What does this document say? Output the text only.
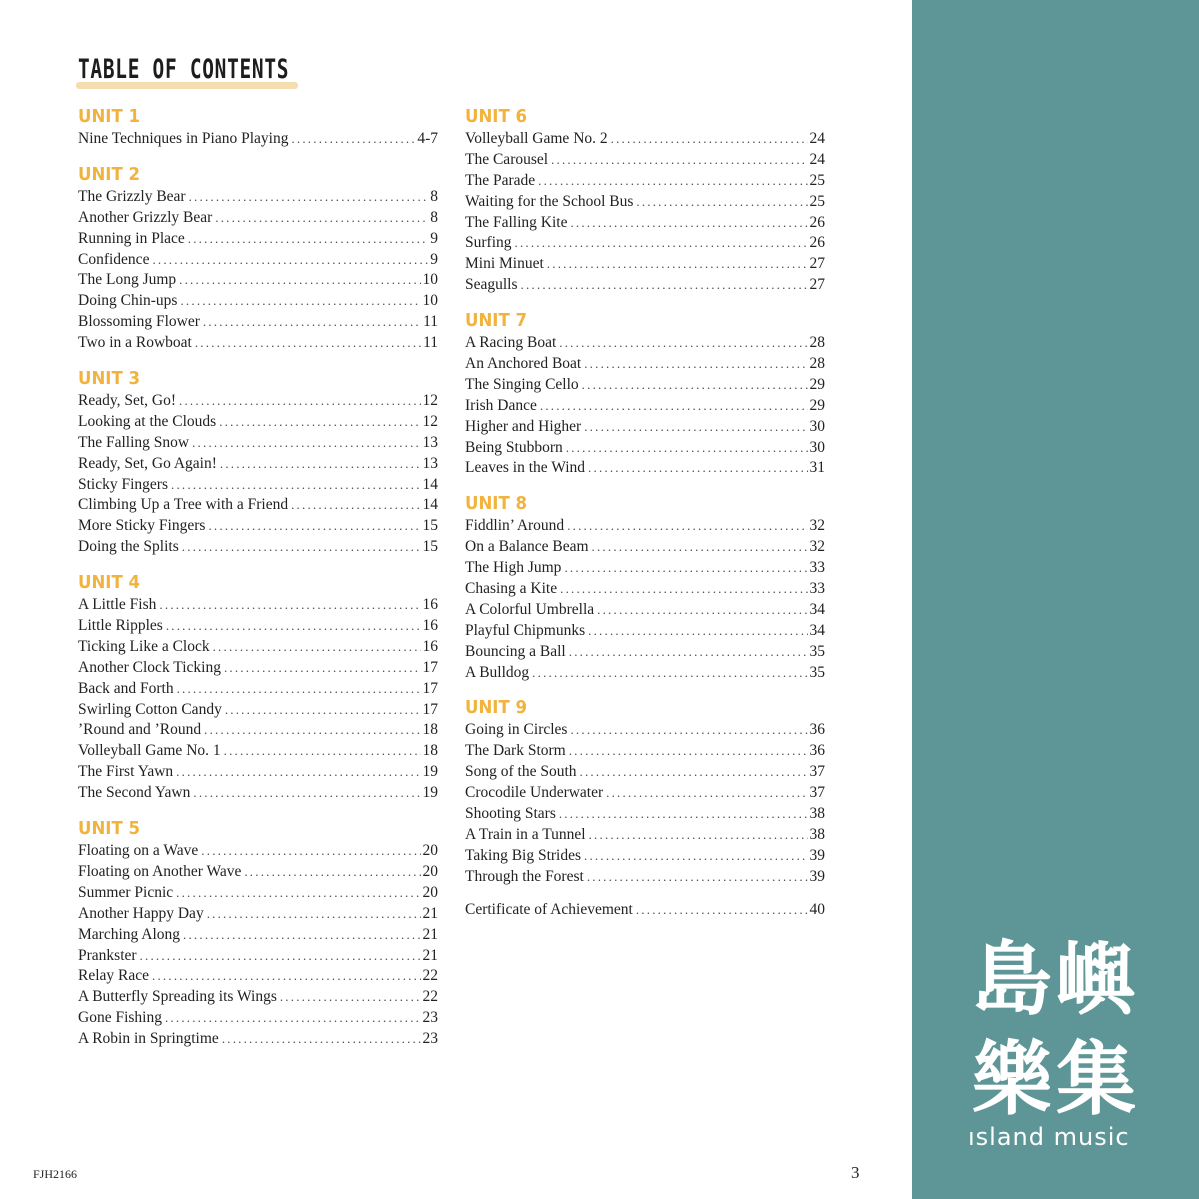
TABLE OF CONTENTS
UNIT 1
Nine Techniques in Piano Playing .....	4-7
UNIT 2
The Grizzly Bear .....	8
Another Grizzly Bear .....	8
Running in Place .....	9
Confidence .....	9
The Long Jump .....	10
Doing Chin-ups .....	10
Blossoming Flower .....	11
Two in a Rowboat .....	11
UNIT 3
Ready, Set, Go! .....	12
Looking at the Clouds .....	12
The Falling Snow .....	13
Ready, Set, Go Again! .....	13
Sticky Fingers .....	14
Climbing Up a Tree with a Friend .....	14
More Sticky Fingers .....	15
Doing the Splits .....	15
UNIT 4
A Little Fish .....	16
Little Ripples .....	16
Ticking Like a Clock .....	16
Another Clock Ticking .....	17
Back and Forth .....	17
Swirling Cotton Candy .....	17
’Round and ’Round .....	18
Volleyball Game No. 1 .....	18
The First Yawn .....	19
The Second Yawn .....	19
UNIT 5
Floating on a Wave .....	20
Floating on Another Wave .....	20
Summer Picnic .....	20
Another Happy Day .....	21
Marching Along .....	21
Prankster .....	21
Relay Race .....	22
A Butterfly Spreading its Wings .....	22
Gone Fishing .....	23
A Robin in Springtime .....	23
UNIT 6
Volleyball Game No. 2 .....	24
The Carousel .....	24
The Parade .....	25
Waiting for the School Bus .....	25
The Falling Kite .....	26
Surfing .....	26
Mini Minuet .....	27
Seagulls .....	27
UNIT 7
A Racing Boat .....	28
An Anchored Boat .....	28
The Singing Cello .....	29
Irish Dance .....	29
Higher and Higher .....	30
Being Stubborn .....	30
Leaves in the Wind .....	31
UNIT 8
Fiddlin’ Around .....	32
On a Balance Beam .....	32
The High Jump .....	33
Chasing a Kite .....	33
A Colorful Umbrella .....	34
Playful Chipmunks .....	34
Bouncing a Ball .....	35
A Bulldog .....	35
UNIT 9
Going in Circles .....	36
The Dark Storm .....	36
Song of the South .....	37
Crocodile Underwater .....	37
Shooting Stars .....	38
A Train in a Tunnel .....	38
Taking Big Strides .....	39
Through the Forest .....	39
Certificate of Achievement .....	40
FJH2166	3
島嶼樂集
ısland music
